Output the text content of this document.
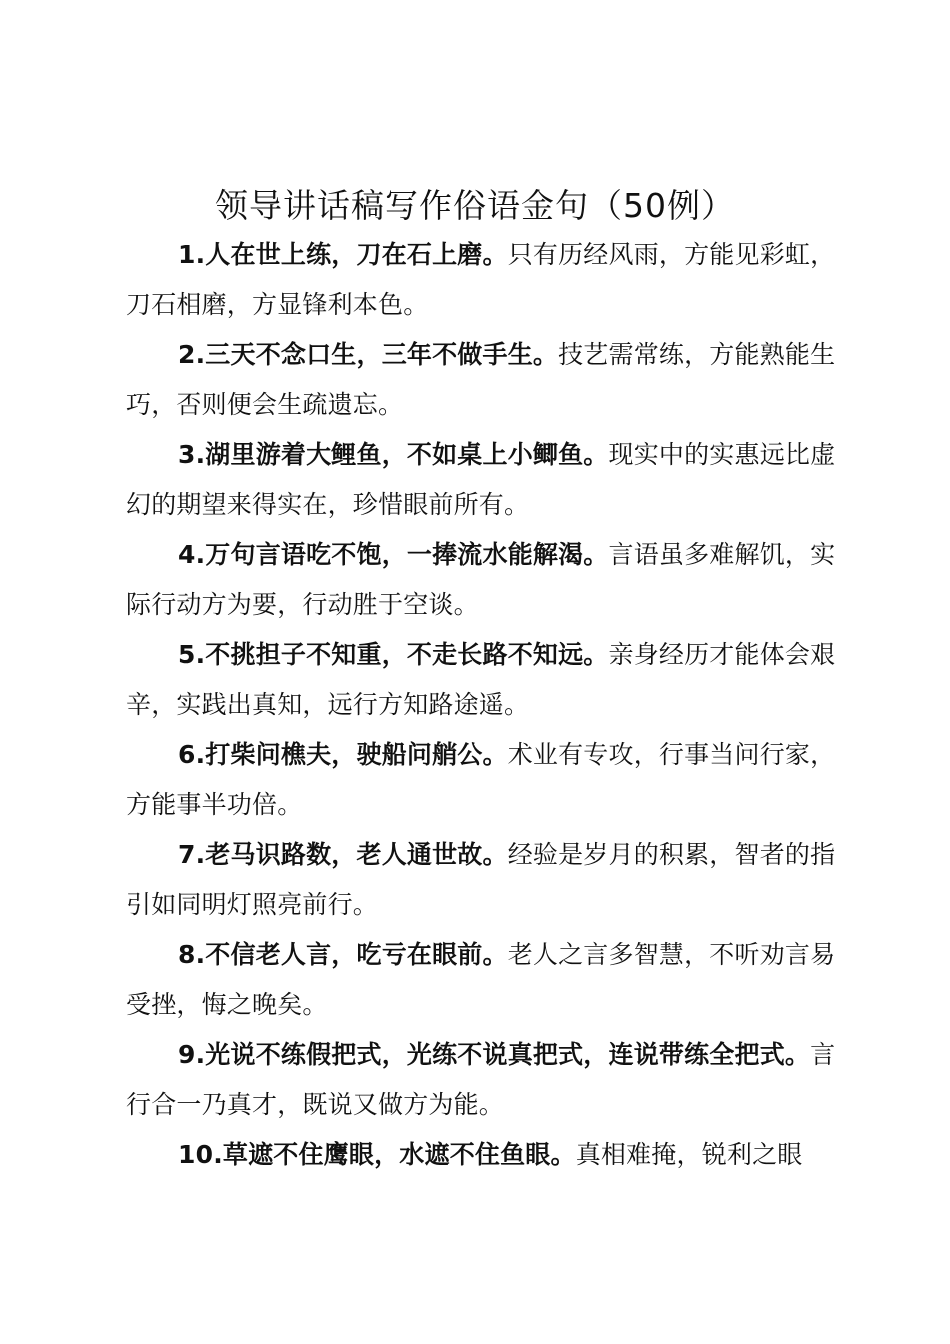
领导讲话稿写作俗语金句（50例）

1.人在世上练，刀在石上磨。只有历经风雨，方能见彩虹，刀石相磨，方显锋利本色。

2.三天不念口生，三年不做手生。技艺需常练，方能熟能生巧，否则便会生疏遗忘。

3.湖里游着大鲤鱼，不如桌上小鲫鱼。现实中的实惠远比虚幻的期望来得实在，珍惜眼前所有。

4.万句言语吃不饱，一捧流水能解渴。言语虽多难解饥，实际行动方为要，行动胜于空谈。

5.不挑担子不知重，不走长路不知远。亲身经历才能体会艰辛，实践出真知，远行方知路途遥。

6.打柴问樵夫，驶船问艄公。术业有专攻，行事当问行家，方能事半功倍。

7.老马识路数，老人通世故。经验是岁月的积累，智者的指引如同明灯照亮前行。

8.不信老人言，吃亏在眼前。老人之言多智慧，不听劝言易受挫，悔之晚矣。

9.光说不练假把式，光练不说真把式，连说带练全把式。言行合一乃真才，既说又做方为能。

10.草遮不住鹰眼，水遮不住鱼眼。真相难掩，锐利之眼
